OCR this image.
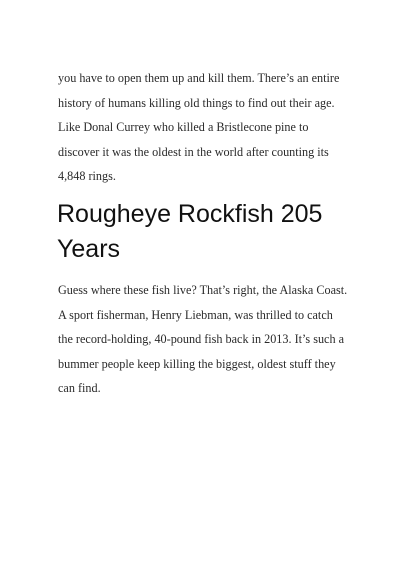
you have to open them up and kill them. There’s an entire history of humans killing old things to find out their age. Like Donal Currey who killed a Bristlecone pine to discover it was the oldest in the world after counting its 4,848 rings.

Rougheye Rockfish 205 Years

Guess where these fish live? That’s right, the Alaska Coast. A sport fisherman, Henry Liebman, was thrilled to catch the record-holding, 40-pound fish back in 2013. It’s such a bummer people keep killing the biggest, oldest stuff they can find.
